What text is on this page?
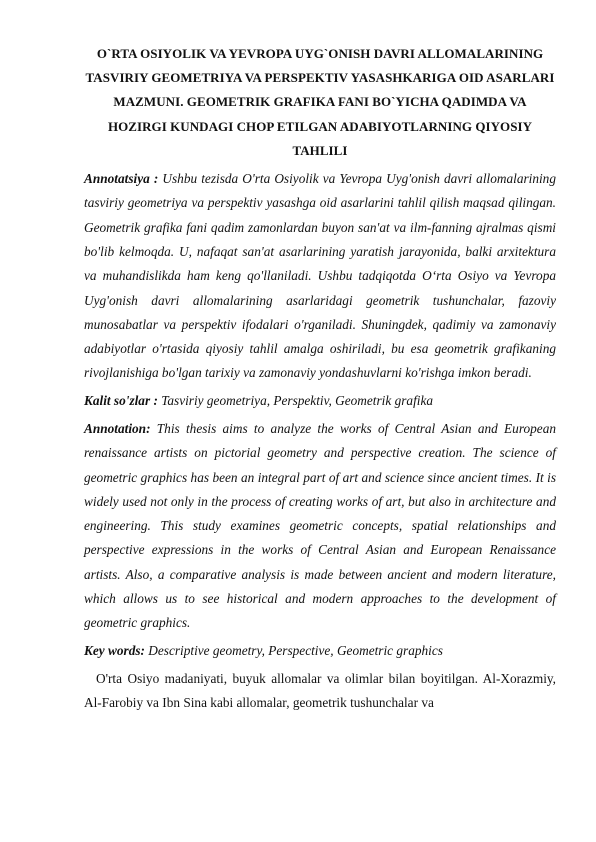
O`RTA OSIYOLIK VA YEVROPA UYG`ONISH DAVRI ALLOMALARINING TASVIRIY GEOMETRIYA VA PERSPEKTIV YASASHKARIGA OID ASARLARI MAZMUNI. GEOMETRIK GRAFIKA FANI BO`YICHA QADIMDA VA HOZIRGI KUNDAGI CHOP ETILGAN ADABIYOTLARNING QIYOSIY TAHLILI

Annotatsiya : Ushbu tezisda O'rta Osiyolik va Yevropa Uyg'onish davri allomalarining tasviriy geometriya va perspektiv yasashga oid asarlarini tahlil qilish maqsad qilingan. Geometrik grafika fani qadim zamonlardan buyon san'at va ilm-fanning ajralmas qismi bo'lib kelmoqda. U, nafaqat san'at asarlarining yaratish jarayonida, balki arxitektura va muhandislikda ham keng qo'llaniladi. Ushbu tadqiqotda O‘rta Osiyo va Yevropa Uyg'onish davri allomalarining asarlaridagi geometrik tushunchalar, fazoviy munosabatlar va perspektiv ifodalari o'rganiladi. Shuningdek, qadimiy va zamonaviy adabiyotlar o'rtasida qiyosiy tahlil amalga oshiriladi, bu esa geometrik grafikaning rivojlanishiga bo'lgan tarixiy va zamonaviy yondashuvlarni ko'rishga imkon beradi.

Kalit so'zlar : Tasviriy geometriya, Perspektiv, Geometrik grafika

Annotation: This thesis aims to analyze the works of Central Asian and European renaissance artists on pictorial geometry and perspective creation. The science of geometric graphics has been an integral part of art and science since ancient times. It is widely used not only in the process of creating works of art, but also in architecture and engineering. This study examines geometric concepts, spatial relationships and perspective expressions in the works of Central Asian and European Renaissance artists. Also, a comparative analysis is made between ancient and modern literature, which allows us to see historical and modern approaches to the development of geometric graphics.

Key words: Descriptive geometry, Perspective, Geometric graphics

O'rta Osiyo madaniyati, buyuk allomalar va olimlar bilan boyitilgan. Al-Xorazmiy, Al-Farobiy va Ibn Sina kabi allomalar, geometrik tushunchalar va
